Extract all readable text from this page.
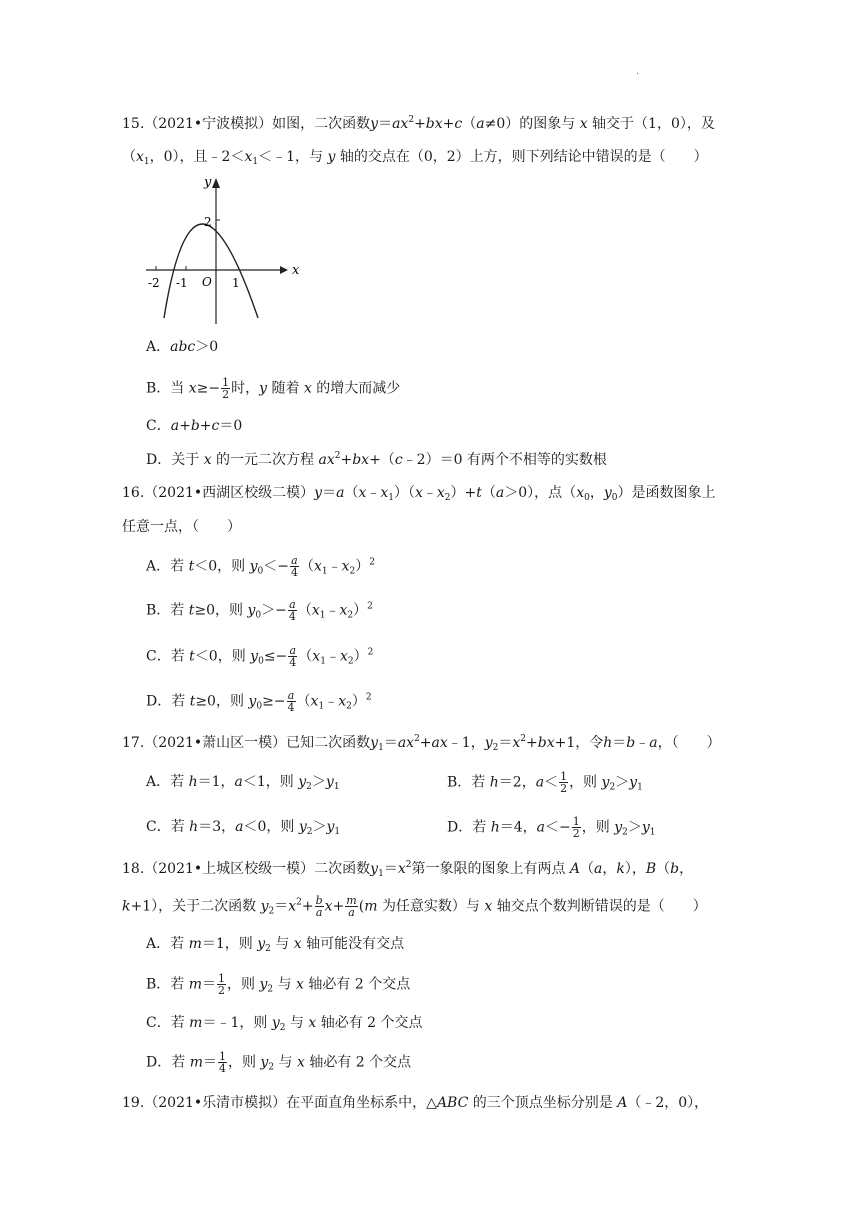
.
15.（2021•宁波模拟）如图，二次函数$y=ax^2+bx+c(a\ne 0)$的图象与 x 轴交于（1，0），及
（$x_1$，0），且$﹣2<x_1<﹣1$，与 y 轴的交点在（0，2）上方，则下列结论中错误的是（　　）
x
y
O
-2 -1	1
2
A．abc＞0
B．当 $x\ge- \frac{1}{2}$ 时，y 随着 x 的增大而减少
C．a+b+c＝0
D．关于 x 的一元二次方程 $ax^2+bx+(c﹣2)=0$ 有两个不相等的实数根
16.（2021•西湖区校级二模）$y=a(x﹣x_1)(x﹣x_2)+t(a>0)$，点（$x_0$，$y_0$）是函数图象上
任意一点，（　　）
A．若 t＜0，则 $y_0<- \frac{a}{4}$ $(x_1﹣x_2)^2$
B．若 t≥0，则 $y_0>- \frac{a}{4}$ $(x_1﹣x_2)^2$
C．若 t＜0，则 $y_0\le- \frac{a}{4}$ $(x_1﹣x_2)^2$
D．若 t≥0，则 $y_0\ge- \frac{a}{4}$ $(x_1﹣x_2)^2$
17.（2021•萧山区一模）已知二次函数$y_1=ax^2+ax﹣1$，$y_2=x^2+bx+1$，令h＝b﹣a，（　　）
A．若 h＝1，a＜1，则 $y_2>y_1$	B．若 h＝2，$a< \frac{1}{2}$ ，则 $y_2>y_1$
C．若 h＝3，a＜0，则 $y_2>y_1$	D．若 h＝4，$a<- \frac{1}{2}$ ，则 $y_2>y_1$
18.（2021•上城区校级一模）二次函数$y_1=x^2$第一象限的图象上有两点 A（a，k），B（b，
k+1），关于二次函数 $y_2=x^2+ \frac{b}{a} x+ \frac{m}{a} (m$ 为任意实数）与 x 轴交点个数判断错误的是（　　）
A．若 m＝1，则 $y_2$ 与 x 轴可能没有交点
B．若 $m= \frac{1}{2}$ ，则 $y_2$ 与 x 轴必有 2 个交点
C．若 m＝﹣1，则 $y_2$ 与 x 轴必有 2 个交点
D．若 $m= \frac{1}{4}$ ，则 $y_2$ 与 x 轴必有 2 个交点
19.（2021•乐清市模拟）在平面直角坐标系中，△ABC 的三个顶点坐标分别是 A（﹣2，0），
